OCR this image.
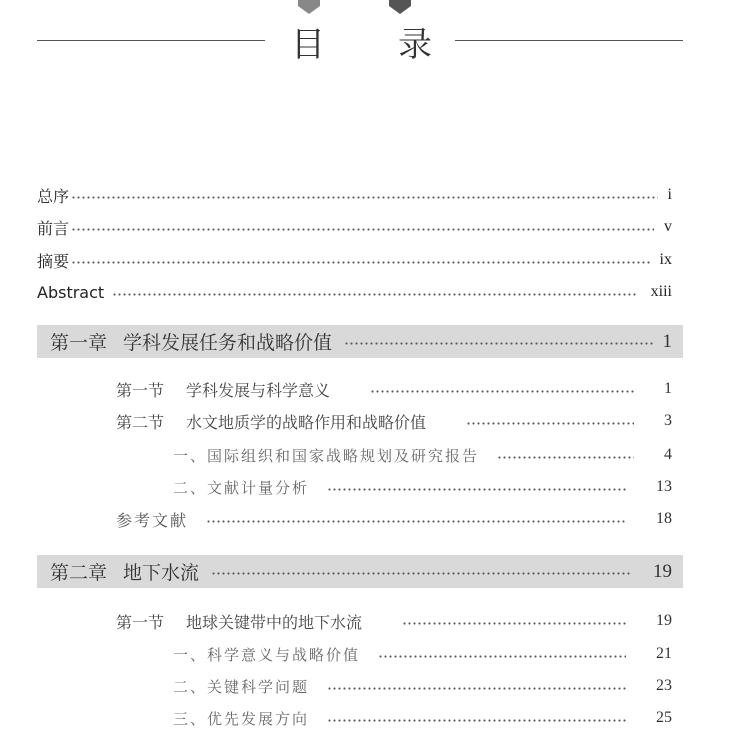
目 录
总序	i
前言	v
摘要	ix
Abstract	xiii
第一章 学科发展任务和战略价值	1
第一节 学科发展与科学意义	1
第二节 水文地质学的战略作用和战略价值	3
一、国际组织和国家战略规划及研究报告	4
二、文献计量分析	13
参考文献	18
第二章 地下水流	19
第一节 地球关键带中的地下水流	19
一、科学意义与战略价值	21
二、关键科学问题	23
三、优先发展方向	25
